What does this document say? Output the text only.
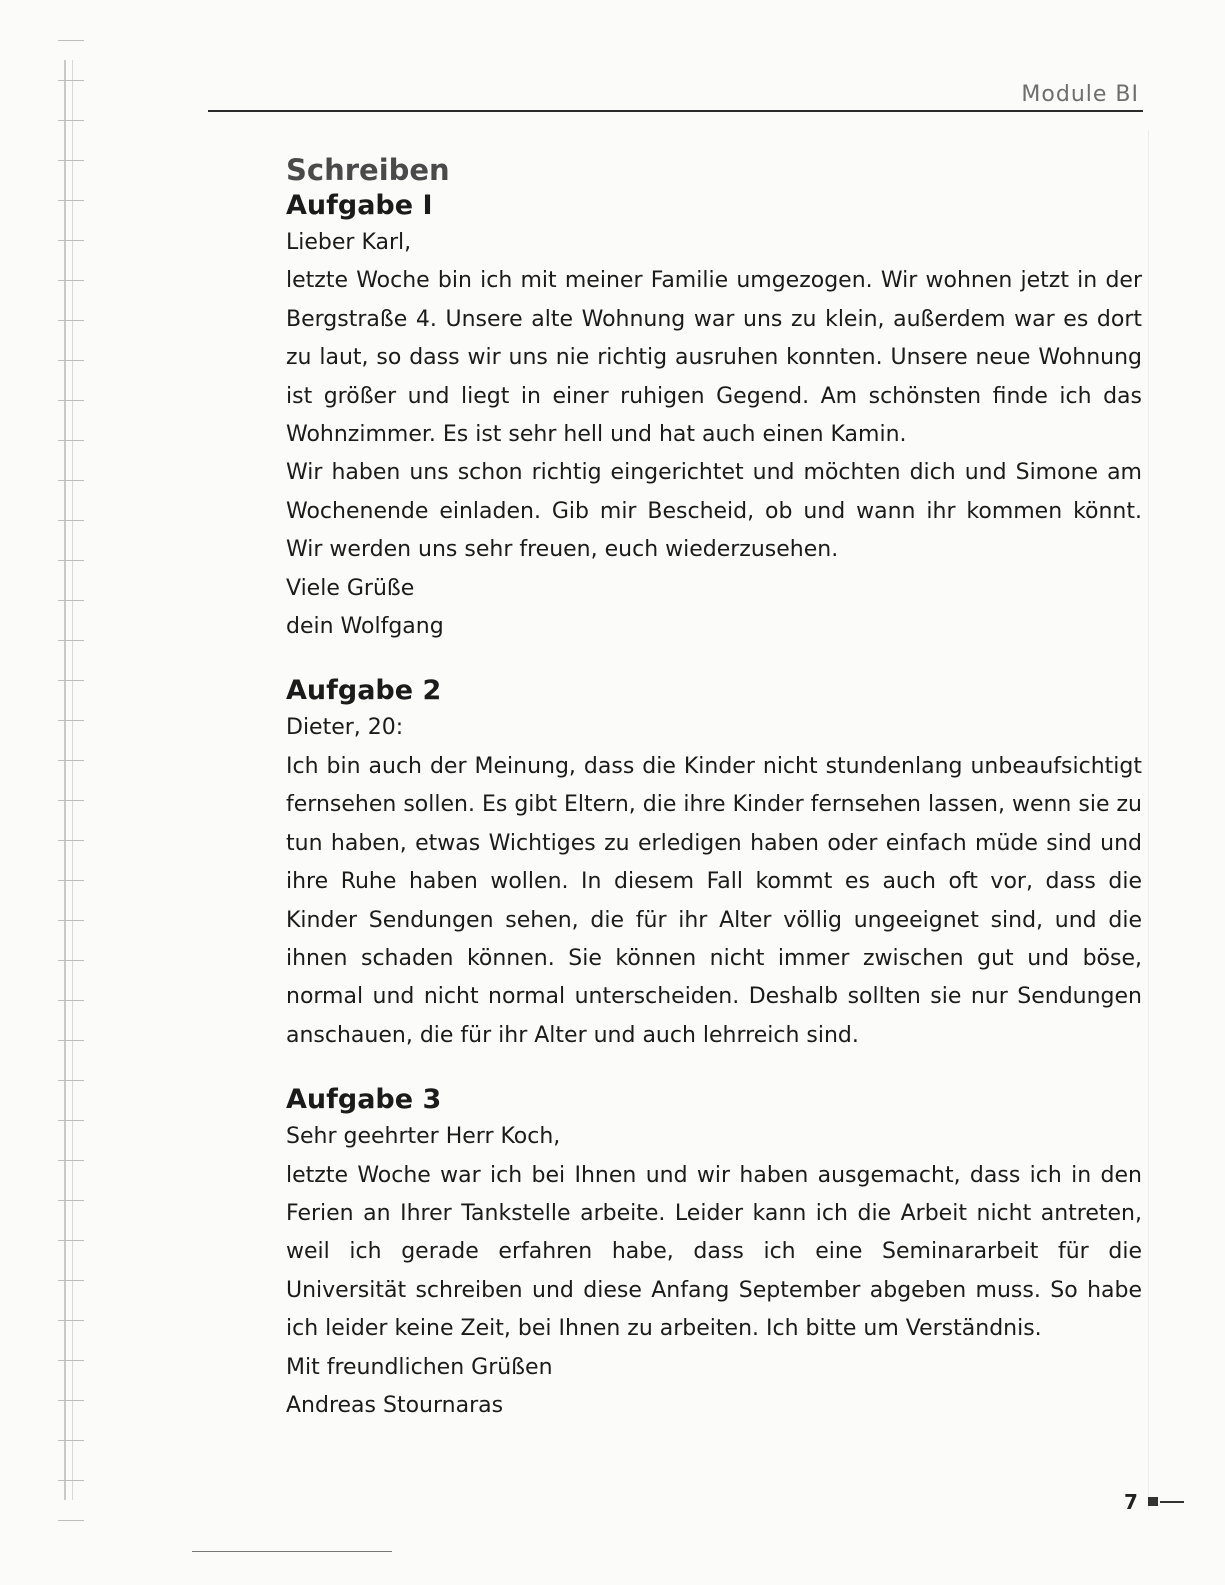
Module BI
Schreiben
Aufgabe I
Lieber Karl,

letzte Woche bin ich mit meiner Familie umgezogen. Wir wohnen jetzt in der Bergstraße 4. Unsere alte Wohnung war uns zu klein, außerdem war es dort zu laut, so dass wir uns nie richtig ausruhen konnten. Unsere neue Wohnung ist größer und liegt in einer ruhigen Gegend. Am schönsten finde ich das Wohnzimmer. Es ist sehr hell und hat auch einen Kamin.

Wir haben uns schon richtig eingerichtet und möchten dich und Simone am Wochenende einladen. Gib mir Bescheid, ob und wann ihr kommen könnt. Wir werden uns sehr freuen, euch wiederzusehen.

Viele Grüße
dein Wolfgang
Aufgabe 2
Dieter, 20:

Ich bin auch der Meinung, dass die Kinder nicht stundenlang unbeaufsichtigt fernsehen sollen. Es gibt Eltern, die ihre Kinder fernsehen lassen, wenn sie zu tun haben, etwas Wichtiges zu erledigen haben oder einfach müde sind und ihre Ruhe haben wollen. In diesem Fall kommt es auch oft vor, dass die Kinder Sendungen sehen, die für ihr Alter völlig ungeeignet sind, und die ihnen schaden können. Sie können nicht immer zwischen gut und böse, normal und nicht normal unterscheiden. Deshalb sollten sie nur Sendungen anschauen, die für ihr Alter und auch lehrreich sind.

Aufgabe 3
Sehr geehrter Herr Koch,

letzte Woche war ich bei Ihnen und wir haben ausgemacht, dass ich in den Ferien an Ihrer Tankstelle arbeite. Leider kann ich die Arbeit nicht antreten, weil ich gerade erfahren habe, dass ich eine Seminararbeit für die Universität schreiben und diese Anfang September abgeben muss. So habe ich leider keine Zeit, bei Ihnen zu arbeiten. Ich bitte um Verständnis.

Mit freundlichen Grüßen
Andreas Stournaras
7
